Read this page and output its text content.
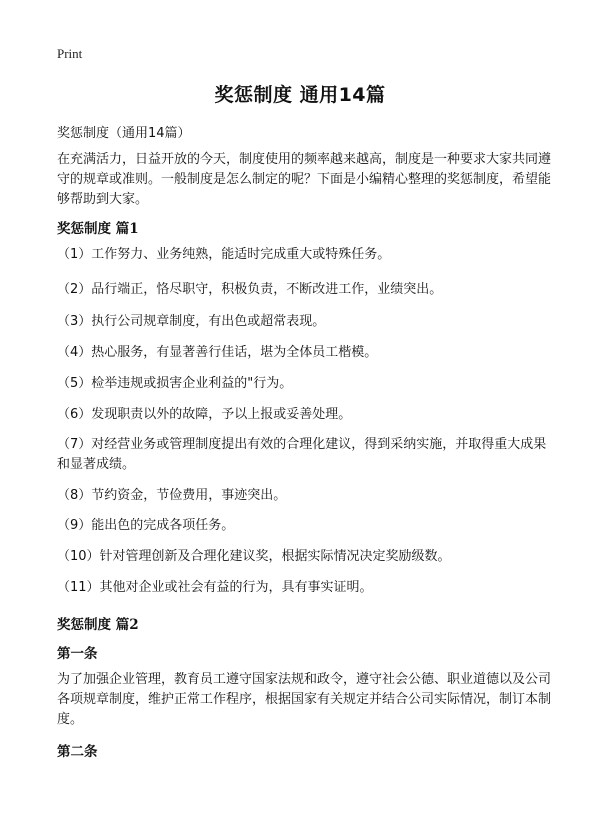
Print
奖惩制度 通用14篇
奖惩制度（通用14篇）

在充满活力，日益开放的今天，制度使用的频率越来越高，制度是一种要求大家共同遵守的规章或准则。一般制度是怎么制定的呢？下面是小编精心整理的奖惩制度，希望能够帮助到大家。

奖惩制度 篇1
（1）工作努力、业务纯熟，能适时完成重大或特殊任务。
（2）品行端正，恪尽职守，积极负责，不断改进工作，业绩突出。
（3）执行公司规章制度，有出色或超常表现。
（4）热心服务，有显著善行佳话，堪为全体员工楷模。
（5）检举违规或损害企业利益的"行为。
（6）发现职责以外的故障，予以上报或妥善处理。
（7）对经营业务或管理制度提出有效的合理化建议，得到采纳实施，并取得重大成果和显著成绩。
（8）节约资金，节俭费用，事迹突出。
（9）能出色的完成各项任务。
（10）针对管理创新及合理化建议奖，根据实际情况决定奖励级数。
（11）其他对企业或社会有益的行为，具有事实证明。
奖惩制度 篇2
第一条

为了加强企业管理，教育员工遵守国家法规和政令，遵守社会公德、职业道德以及公司各项规章制度，维护正常工作程序，根据国家有关规定并结合公司实际情况，制订本制度。

第二条
